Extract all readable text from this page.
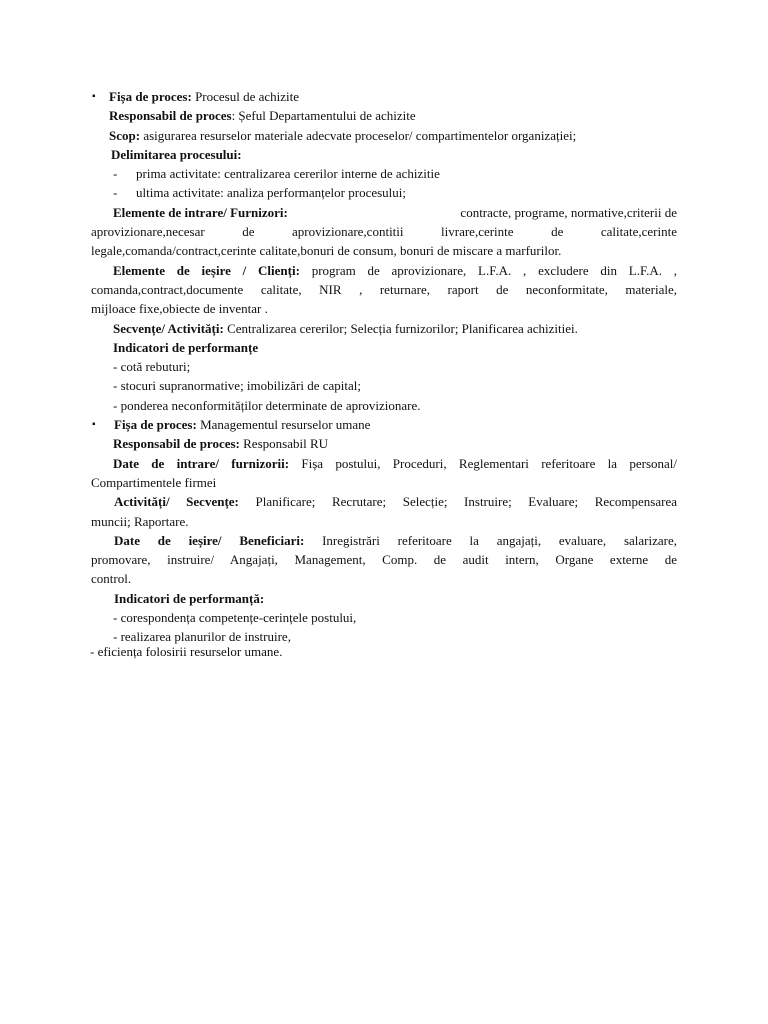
▪ Fișa de proces: Procesul de achizite
Responsabil de proces: Șeful Departamentului de achizite
Scop: asigurarea resurselor materiale adecvate proceselor/ compartimentelor organizației;
Delimitarea procesului:
- prima activitate: centralizarea cererilor interne de achizitie
- ultima activitate: analiza performanțelor procesului;
Elemente de intrare/ Furnizori:	contracte, programe, normative,criterii de
aprovizionare,necesar de aprovizionare,contitii livrare,cerinte de calitate,cerinte
legale,comanda/contract,cerinte calitate,bonuri de consum, bonuri de miscare a marfurilor.
Elemente de ieșire / Clienți: program de aprovizionare, L.F.A. , excludere din L.F.A. ,
comanda,contract,documente calitate, NIR , returnare, raport de neconformitate, materiale,
mijloace fixe,obiecte de inventar .
Secvențe/ Activități: Centralizarea cererilor; Selecția furnizorilor; Planificarea achizitiei.
Indicatori de performanțe
- cotă rebuturi;
- stocuri supranormative; imobilizări de capital;
- ponderea neconformităților determinate de aprovizionare.
▪ Fișa de proces: Managementul resurselor umane
Responsabil de proces: Responsabil RU
Date de intrare/ furnizorii: Fișa postului, Proceduri, Reglementari referitoare la personal/
Compartimentele firmei
Activități/ Secvențe: Planificare; Recrutare; Selecție; Instruire; Evaluare; Recompensarea
muncii; Raportare.
Date de ieșire/ Beneficiari: Inregistrări referitoare la angajați, evaluare, salarizare,
promovare, instruire/ Angajați, Management, Comp. de audit intern, Organe externe de
control.
Indicatori de performanță:
- corespondența competențe-cerințele postului,
- realizarea planurilor de instruire,
- eficiența folosirii resurselor umane.
